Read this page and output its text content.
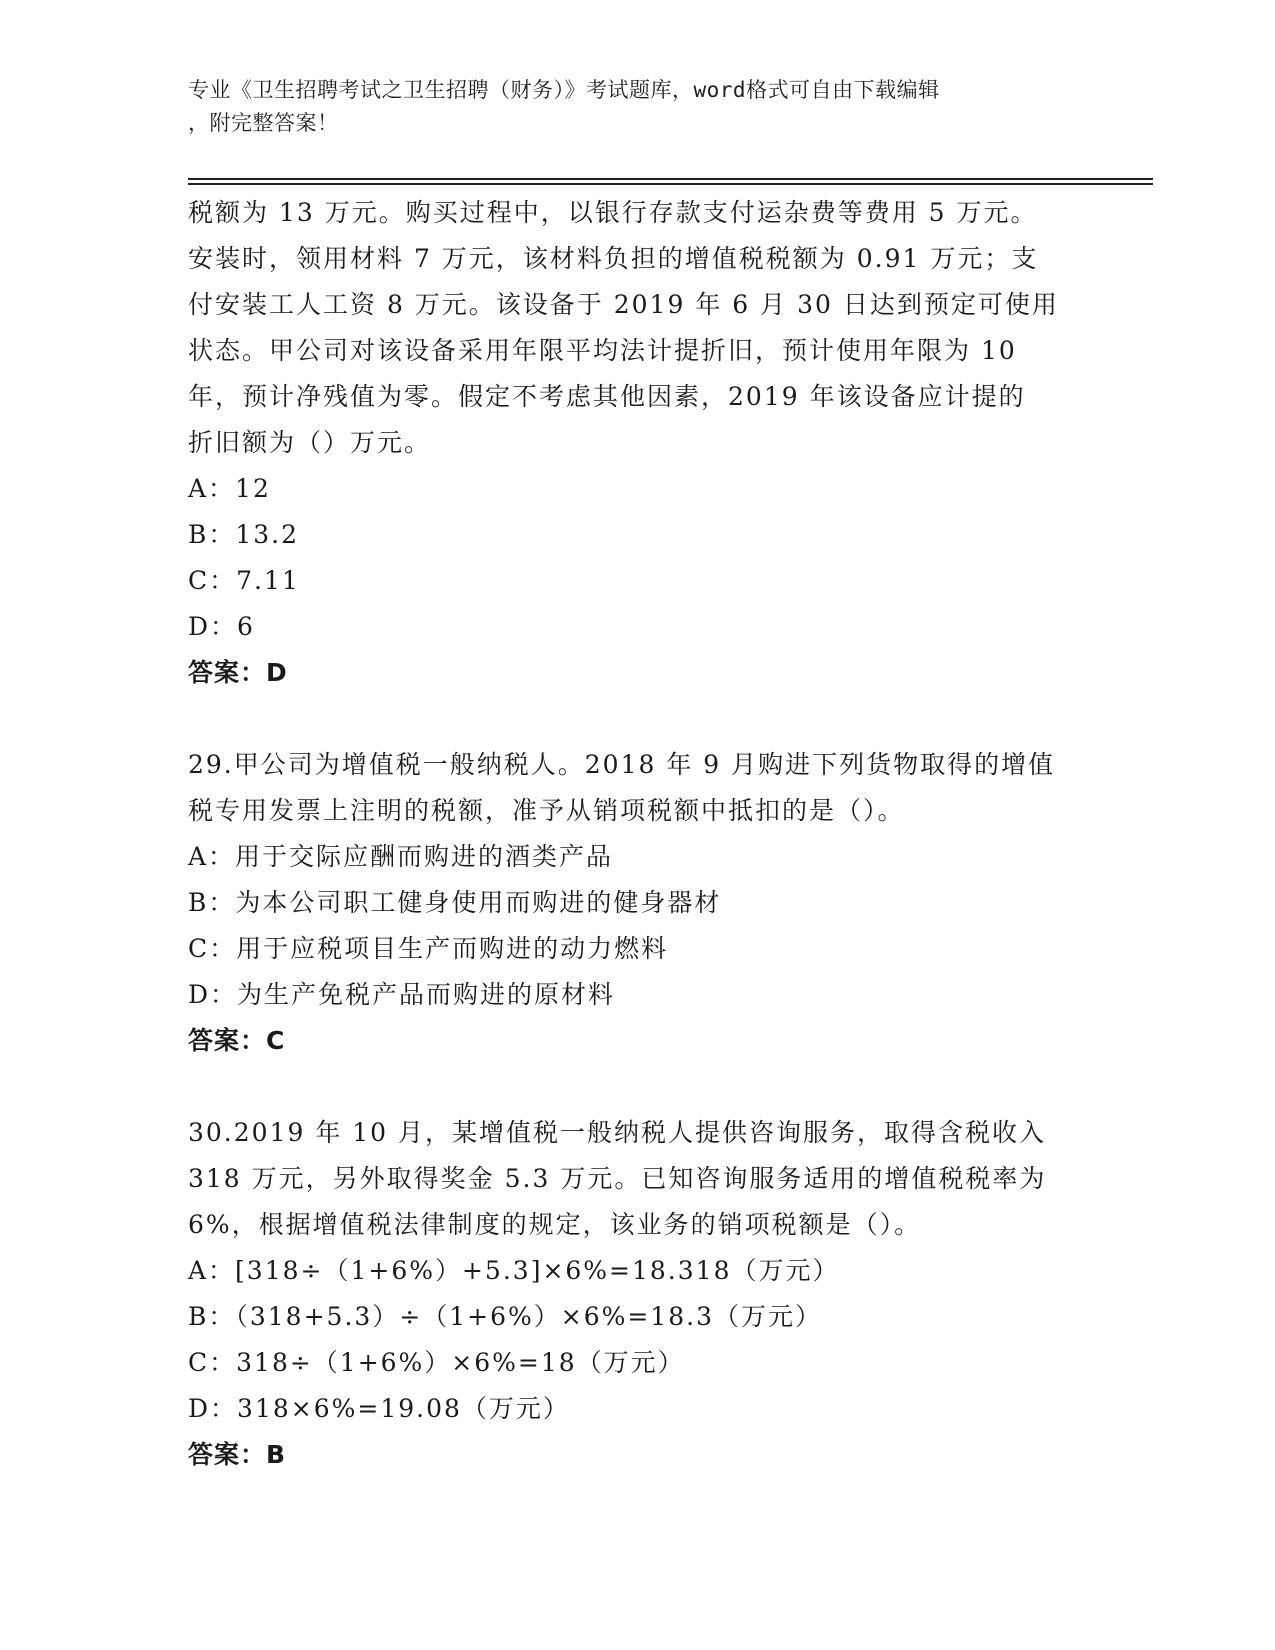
专业《卫生招聘考试之卫生招聘（财务）》考试题库，word格式可自由下载编辑
，附完整答案！
税额为 13 万元。购买过程中，以银行存款支付运杂费等费用 5 万元。
安装时，领用材料 7 万元，该材料负担的增值税税额为 0.91 万元；支
付安装工人工资 8 万元。该设备于 2019 年 6 月 30 日达到预定可使用
状态。甲公司对该设备采用年限平均法计提折旧，预计使用年限为 10
年，预计净残值为零。假定不考虑其他因素，2019 年该设备应计提的
折旧额为（）万元。
A：12
B：13.2
C：7.11
D：6
答案：D
29.甲公司为增值税一般纳税人。2018 年 9 月购进下列货物取得的增值
税专用发票上注明的税额，准予从销项税额中抵扣的是（）。
A：用于交际应酬而购进的酒类产品
B：为本公司职工健身使用而购进的健身器材
C：用于应税项目生产而购进的动力燃料
D：为生产免税产品而购进的原材料
答案：C
30.2019 年 10 月，某增值税一般纳税人提供咨询服务，取得含税收入
318 万元，另外取得奖金 5.3 万元。已知咨询服务适用的增值税税率为
6%，根据增值税法律制度的规定，该业务的销项税额是（）。
A：[318÷（1+6%）+5.3]×6%=18.318（万元）
B：（318+5.3）÷（1+6%）×6%=18.3（万元）
C：318÷（1+6%）×6%=18（万元）
D：318×6%=19.08（万元）
答案：B
